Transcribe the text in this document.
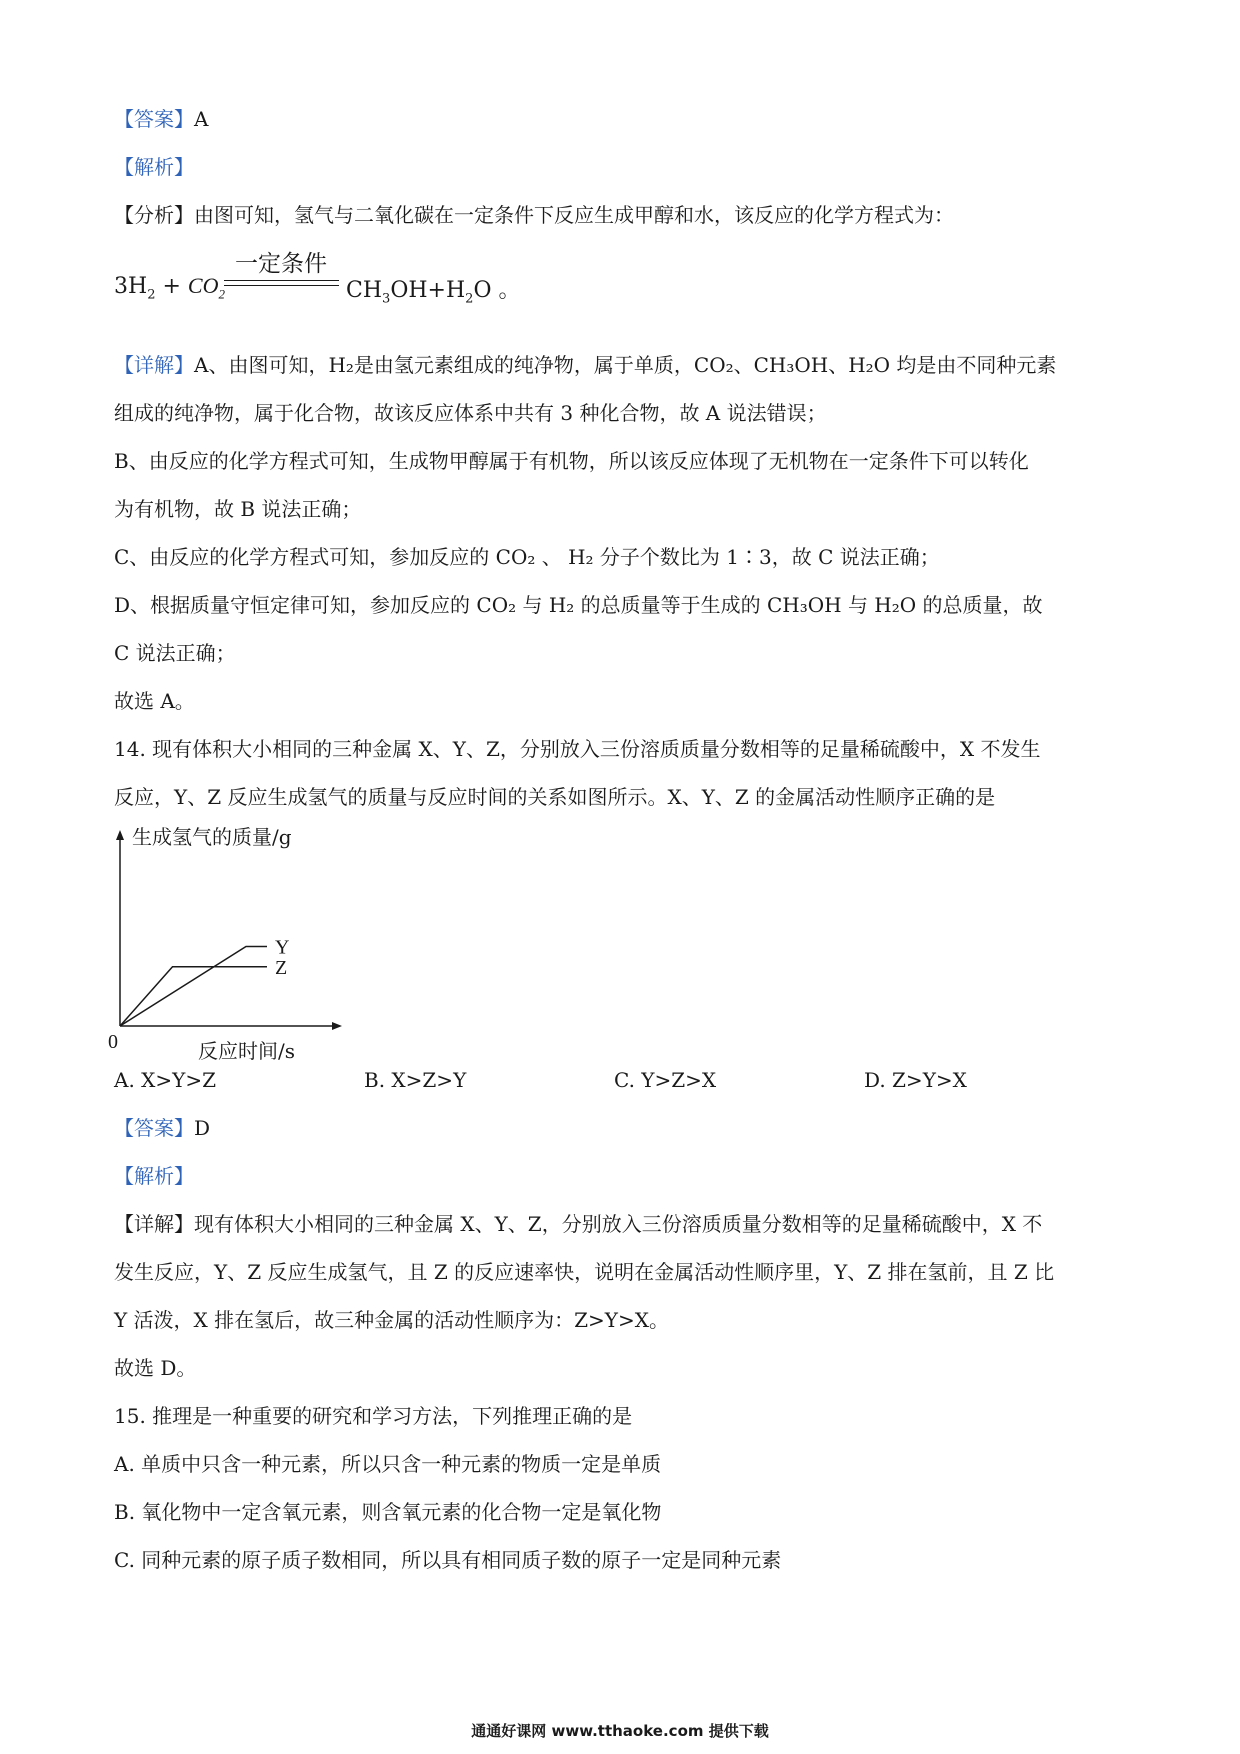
【答案】A
【解析】
【分析】由图可知，氢气与二氧化碳在一定条件下反应生成甲醇和水，该反应的化学方程式为：
$3H_2 + CO_2$
一定条件
$CH_3OH+H_2O$ 。
【详解】A、由图可知，H₂是由氢元素组成的纯净物，属于单质，CO₂、CH₃OH、H₂O 均是由不同种元素
组成的纯净物，属于化合物，故该反应体系中共有 3 种化合物，故 A 说法错误；
B、由反应的化学方程式可知，生成物甲醇属于有机物，所以该反应体现了无机物在一定条件下可以转化
为有机物，故 B 说法正确；
C、由反应的化学方程式可知，参加反应的 CO₂ 、 H₂ 分子个数比为 1∶3，故 C 说法正确；
D、根据质量守恒定律可知，参加反应的 CO₂ 与 H₂ 的总质量等于生成的 CH₃OH 与 H₂O 的总质量，故
C 说法正确；
故选 A。
14. 现有体积大小相同的三种金属 X、Y、Z，分别放入三份溶质质量分数相等的足量稀硫酸中，X 不发生
反应，Y、Z 反应生成氢气的质量与反应时间的关系如图所示。X、Y、Z 的金属活动性顺序正确的是
生成氢气的质量/g
反应时间/s
0
Y
Z
A. X>Y>Z	B. X>Z>Y	C. Y>Z>X	D. Z>Y>X
【答案】D
【解析】
【详解】现有体积大小相同的三种金属 X、Y、Z，分别放入三份溶质质量分数相等的足量稀硫酸中，X 不
发生反应，Y、Z 反应生成氢气，且 Z 的反应速率快，说明在金属活动性顺序里，Y、Z 排在氢前，且 Z 比
Y 活泼，X 排在氢后，故三种金属的活动性顺序为：Z>Y>X。
故选 D。
15. 推理是一种重要的研究和学习方法，下列推理正确的是
A. 单质中只含一种元素，所以只含一种元素的物质一定是单质
B. 氧化物中一定含氧元素，则含氧元素的化合物一定是氧化物
C. 同种元素的原子质子数相同，所以具有相同质子数的原子一定是同种元素
通通好课网 www.tthaoke.com 提供下载
